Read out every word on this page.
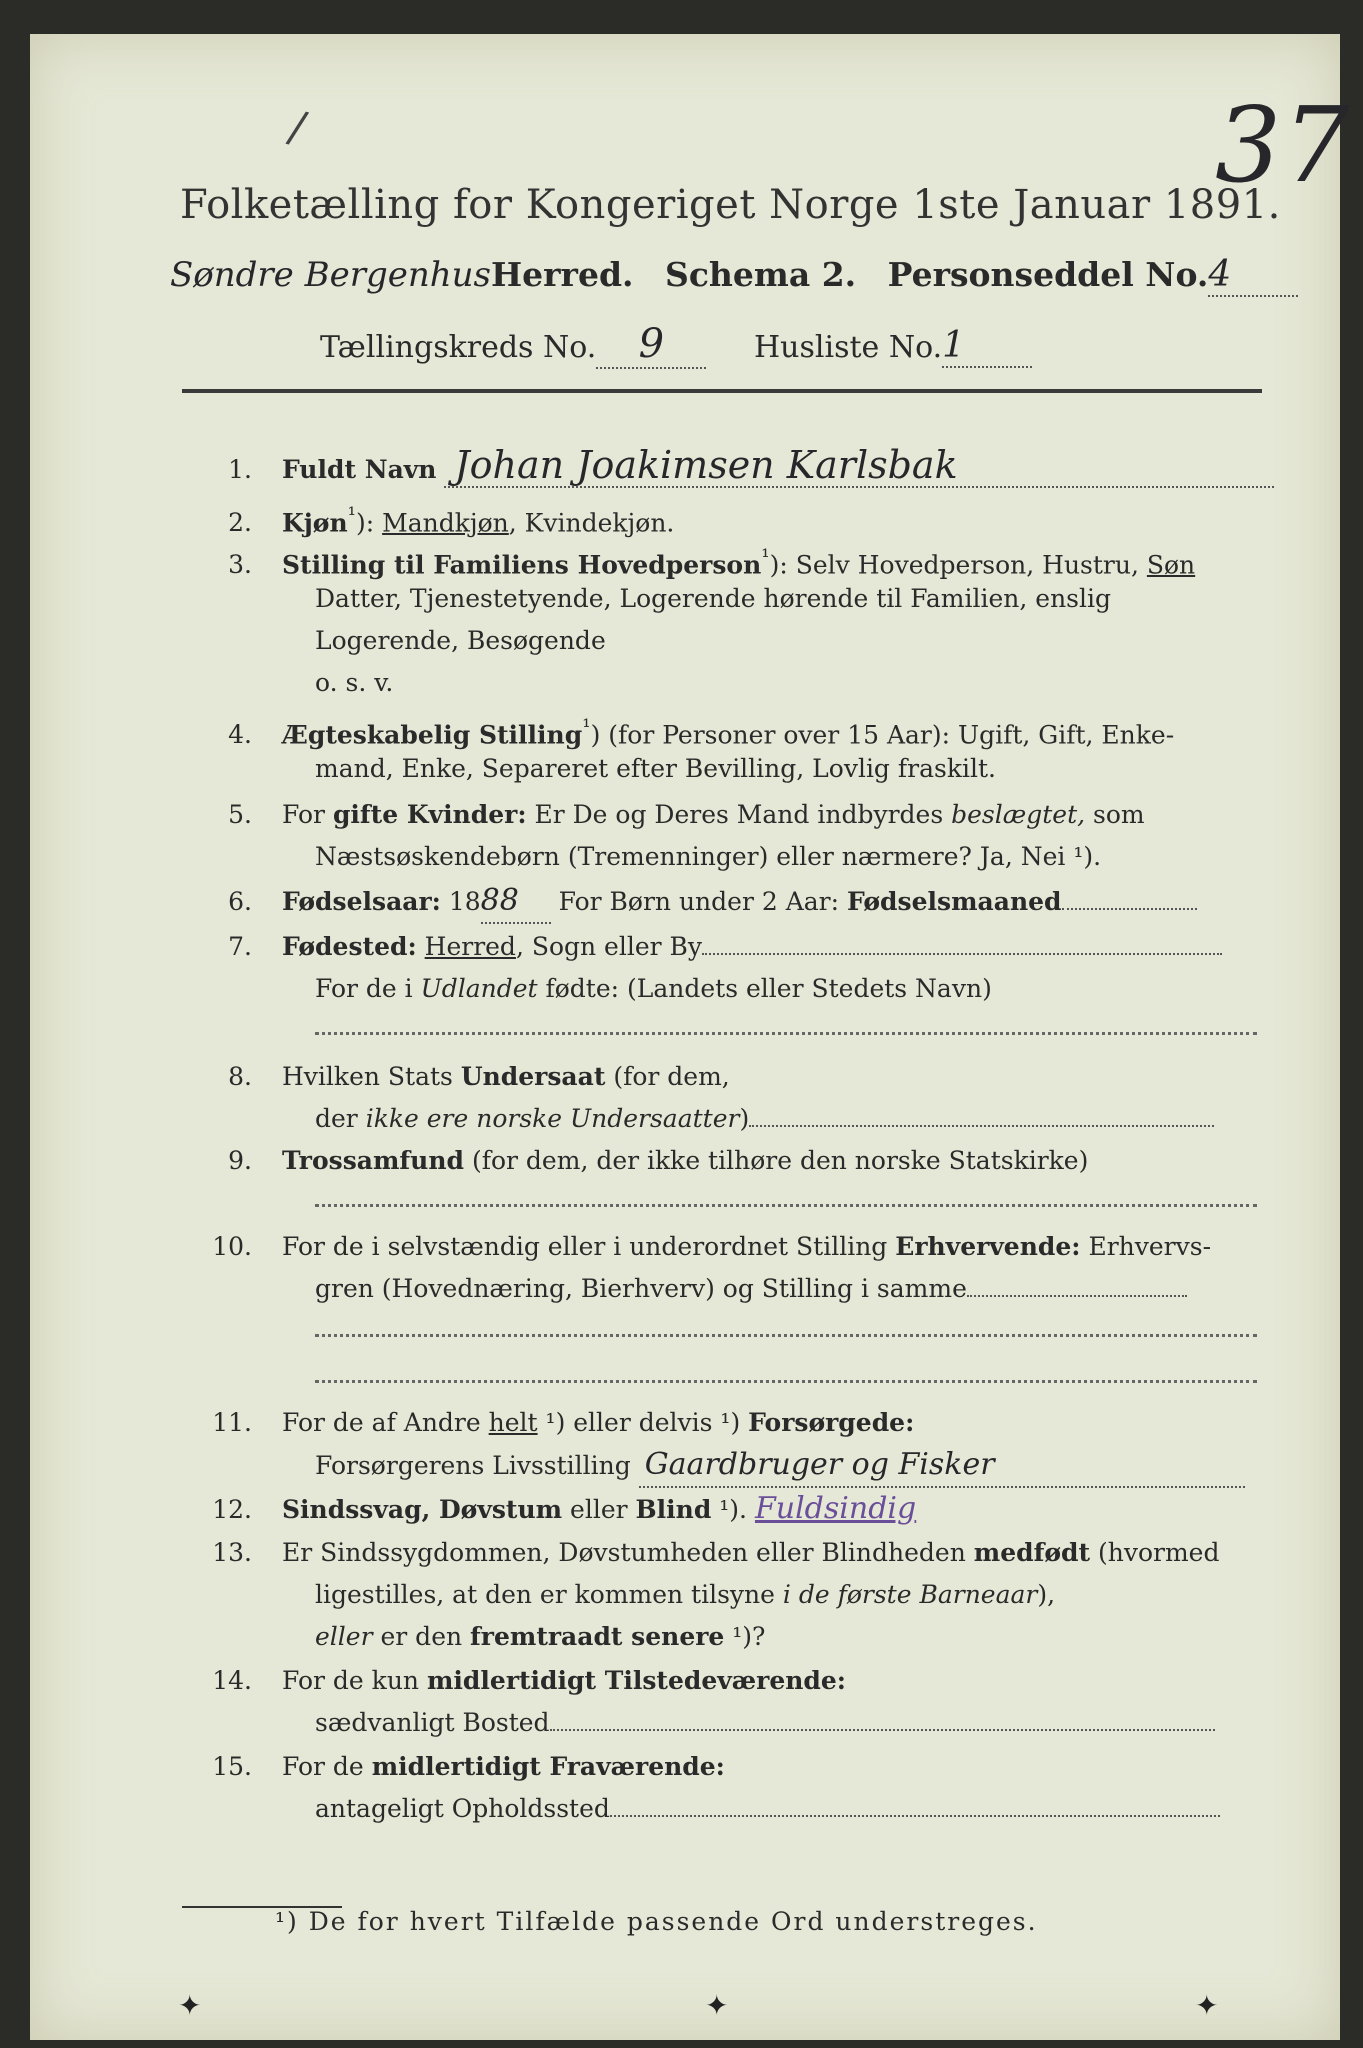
37
/
Folketælling for Kongeriget Norge 1ste Januar 1891.
Søndre BergenhusHerred. Schema 2. Personseddel No.4
Tællingskreds No. 9	Husliste No.1
1. Fuldt Navn Johan Joakimsen Karlsbak
2. Kjøn$^{^1}$): Mandkjøn, Kvindekjøn.
3. Stilling til Familiens Hovedperson$^{^1}$): Selv Hovedperson, Hustru, Søn
Datter, Tjenestetyende, Logerende hørende til Familien, enslig
Logerende, Besøgende
o. s. v.
4. Ægteskabelig Stilling$^{^1}$) (for Personer over 15 Aar): Ugift, Gift, Enke-
mand, Enke, Separeret efter Bevilling, Lovlig fraskilt.
5. For gifte Kvinder: Er De og Deres Mand indbyrdes beslægtet, som
Næstsøskendebørn (Tremenninger) eller nærmere? Ja, Nei ¹).
6. Fødselsaar: 1888 For Børn under 2 Aar: Fødselsmaaned
7. Fødested: Herred, Sogn eller By
For de i Udlandet fødte: (Landets eller Stedets Navn)
8. Hvilken Stats Undersaat (for dem,
der ikke ere norske Undersaatter)
9. Trossamfund (for dem, der ikke tilhøre den norske Statskirke)
10. For de i selvstændig eller i underordnet Stilling Erhvervende: Erhvervs-
gren (Hovednæring, Bierhverv) og Stilling i samme
11. For de af Andre helt ¹) eller delvis ¹) Forsørgede:
Forsørgerens Livsstilling Gaardbruger og Fisker
12. Sindssvag, Døvstum eller Blind ¹). Fuldsindig
13. Er Sindssygdommen, Døvstumheden eller Blindheden medfødt (hvormed
ligestilles, at den er kommen tilsyne i de første Barneaar),
eller er den fremtraadt senere ¹)?
14. For de kun midlertidigt Tilstedeværende:
sædvanligt Bosted
15. For de midlertidigt Fraværende:
antageligt Opholdssted
¹) De for hvert Tilfælde passende Ord understreges.
✦	✦	✦
